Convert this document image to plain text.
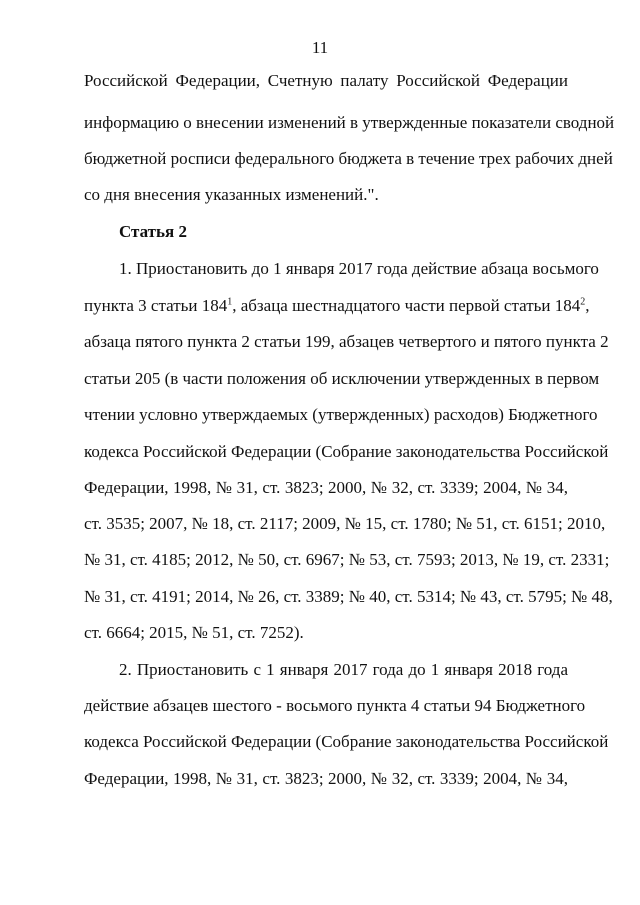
11
Российской Федерации, Счетную палату Российской Федерации
информацию о внесении изменений в утвержденные показатели сводной
бюджетной росписи федерального бюджета в течение трех рабочих дней
со дня внесения указанных изменений.".
Статья 2
1. Приостановить до 1 января 2017 года действие абзаца восьмого
пункта 3 статьи $184^1$, абзаца шестнадцатого части первой статьи $184^2$,
абзаца пятого пункта 2 статьи 199, абзацев четвертого и пятого пункта 2
статьи 205 (в части положения об исключении утвержденных в первом
чтении условно утверждаемых (утвержденных) расходов) Бюджетного
кодекса Российской Федерации (Собрание законодательства Российской
Федерации, 1998, № 31, ст. 3823; 2000, № 32, ст. 3339; 2004, № 34,
ст. 3535; 2007, № 18, ст. 2117; 2009, № 15, ст. 1780; № 51, ст. 6151; 2010,
№ 31, ст. 4185; 2012, № 50, ст. 6967; № 53, ст. 7593; 2013, № 19, ст. 2331;
№ 31, ст. 4191; 2014, № 26, ст. 3389; № 40, ст. 5314; № 43, ст. 5795; № 48,
ст. 6664; 2015, № 51, ст. 7252).
2. Приостановить с 1 января 2017 года до 1 января 2018 года
действие абзацев шестого - восьмого пункта 4 статьи 94 Бюджетного
кодекса Российской Федерации (Собрание законодательства Российской
Федерации, 1998, № 31, ст. 3823; 2000, № 32, ст. 3339; 2004, № 34,
